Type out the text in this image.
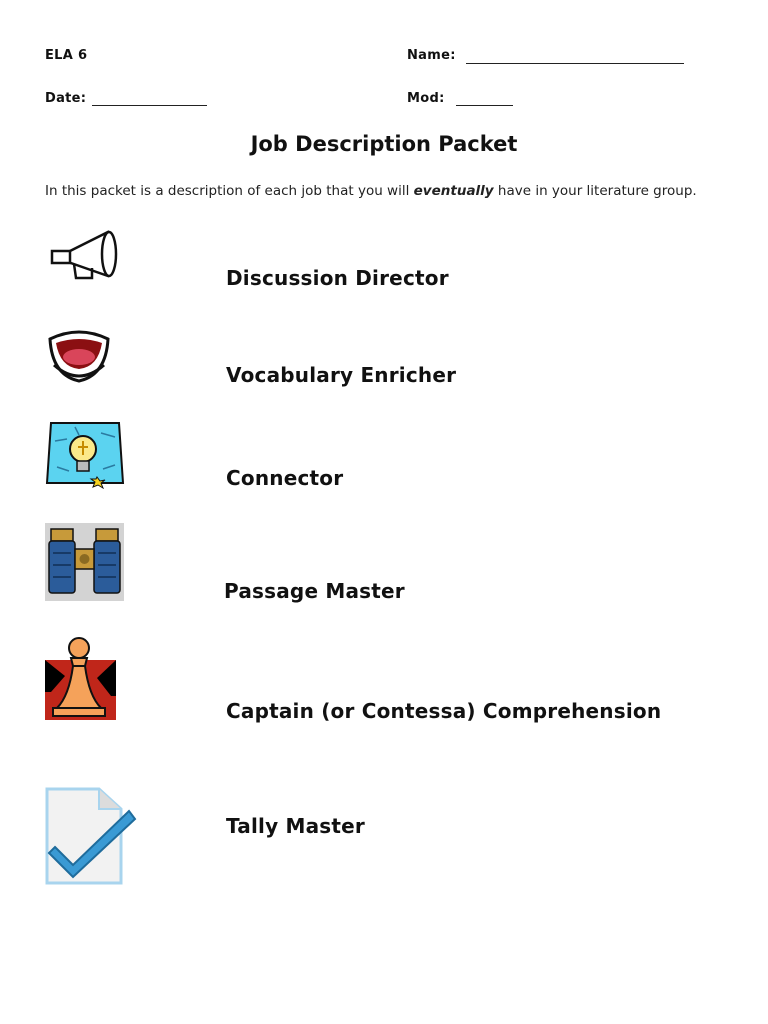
ELA 6	Name:
Date:	Mod:
Job Description Packet
In this packet is a description of each job that you will eventually have in your literature group.
Discussion Director
Vocabulary Enricher
Connector
Passage Master
Captain (or Contessa) Comprehension
Tally Master
